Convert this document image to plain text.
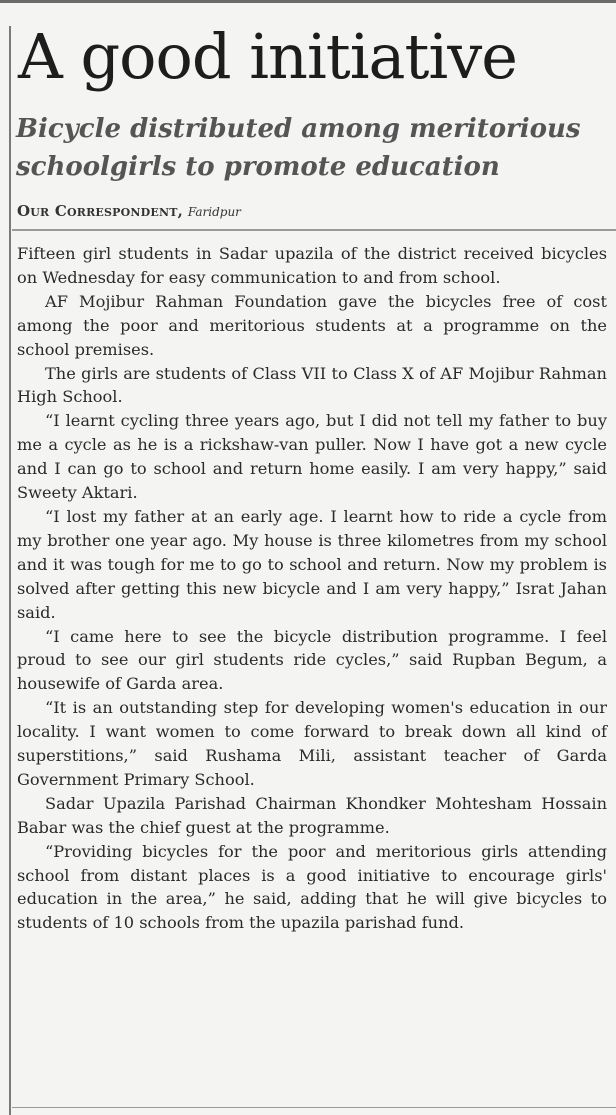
A good initiative
Bicycle distributed among meritorious schoolgirls to promote education
Our Correspondent, Faridpur

Fifteen girl students in Sadar upazila of the district received bicycles on Wednesday for easy communication to and from school.

AF Mojibur Rahman Foundation gave the bicycles free of cost among the poor and meritorious students at a programme on the school premises.

The girls are students of Class VII to Class X of AF Mojibur Rahman High School.

“I learnt cycling three years ago, but I did not tell my father to buy me a cycle as he is a rickshaw-van puller. Now I have got a new cycle and I can go to school and return home easily. I am very happy,” said Sweety Aktari.

“I lost my father at an early age. I learnt how to ride a cycle from my brother one year ago. My house is three kilometres from my school and it was tough for me to go to school and return. Now my problem is solved after getting this new bicycle and I am very happy,” Israt Jahan said.

“I came here to see the bicycle distribution programme. I feel proud to see our girl students ride cycles,” said Rupban Begum, a housewife of Garda area.

“It is an outstanding step for developing women's education in our locality. I want women to come forward to break down all kind of superstitions,” said Rushama Mili, assistant teacher of Garda Government Primary School.

Sadar Upazila Parishad Chairman Khondker Mohtesham Hossain Babar was the chief guest at the programme.

“Providing bicycles for the poor and meritorious girls attending school from distant places is a good initiative to encourage girls' education in the area,” he said, adding that he will give bicycles to students of 10 schools from the upazila parishad fund.
